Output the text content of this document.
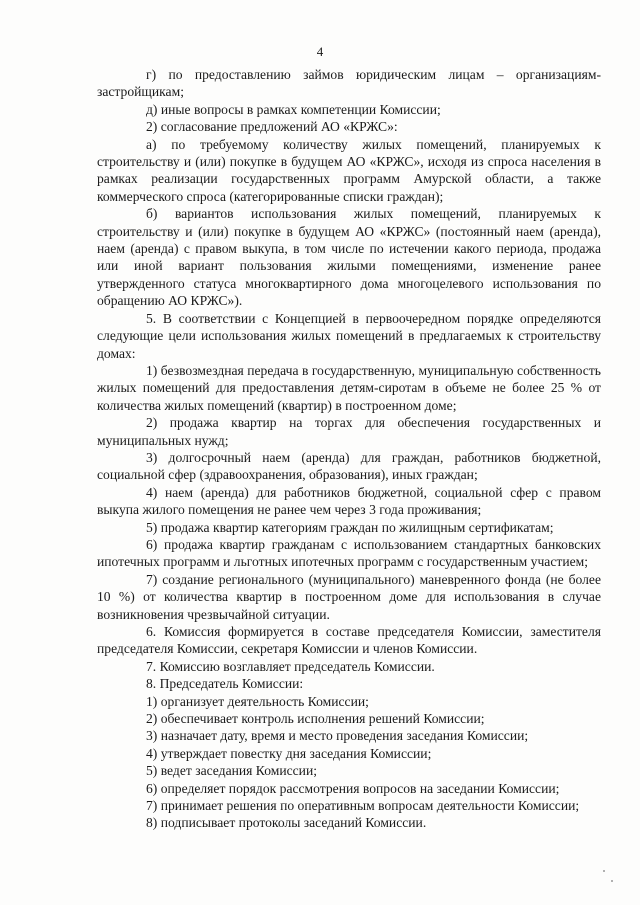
4

г) по предоставлению займов юридическим лицам – организациям-застройщикам;

д) иные вопросы в рамках компетенции Комиссии;

2) согласование предложений АО «КРЖС»:

а) по требуемому количеству жилых помещений, планируемых к строительству и (или) покупке в будущем АО «КРЖС», исходя из спроса населения в рамках реализации государственных программ Амурской области, а также коммерческого спроса (категорированные списки граждан);

б) вариантов использования жилых помещений, планируемых к строительству и (или) покупке в будущем АО «КРЖС» (постоянный наем (аренда), наем (аренда) с правом выкупа, в том числе по истечении какого периода, продажа или иной вариант пользования жилыми помещениями, изменение ранее утвержденного статуса многоквартирного дома многоцелевого использования по обращению АО КРЖС»).

5. В соответствии с Концепцией в первоочередном порядке определяются следующие цели использования жилых помещений в предлагаемых к строительству домах:

1) безвозмездная передача в государственную, муниципальную собственность жилых помещений для предоставления детям-сиротам в объеме не более 25 % от количества жилых помещений (квартир) в построенном доме;

2) продажа квартир на торгах для обеспечения государственных и муниципальных нужд;

3) долгосрочный наем (аренда) для граждан, работников бюджетной, социальной сфер (здравоохранения, образования), иных граждан;

4) наем (аренда) для работников бюджетной, социальной сфер с правом выкупа жилого помещения не ранее чем через 3 года проживания;

5) продажа квартир категориям граждан по жилищным сертификатам;

6) продажа квартир гражданам с использованием стандартных банковских ипотечных программ и льготных ипотечных программ с государственным участием;

7) создание регионального (муниципального) маневренного фонда (не более 10 %) от количества квартир в построенном доме для использования в случае возникновения чрезвычайной ситуации.

6. Комиссия формируется в составе председателя Комиссии, заместителя председателя Комиссии, секретаря Комиссии и членов Комиссии.

7. Комиссию возглавляет председатель Комиссии.

8. Председатель Комиссии:

1) организует деятельность Комиссии;

2) обеспечивает контроль исполнения решений Комиссии;

3) назначает дату, время и место проведения заседания Комиссии;

4) утверждает повестку дня заседания Комиссии;

5) ведет заседания Комиссии;

6) определяет порядок рассмотрения вопросов на заседании Комиссии;

7) принимает решения по оперативным вопросам деятельности Комиссии;

8) подписывает протоколы заседаний Комиссии.
